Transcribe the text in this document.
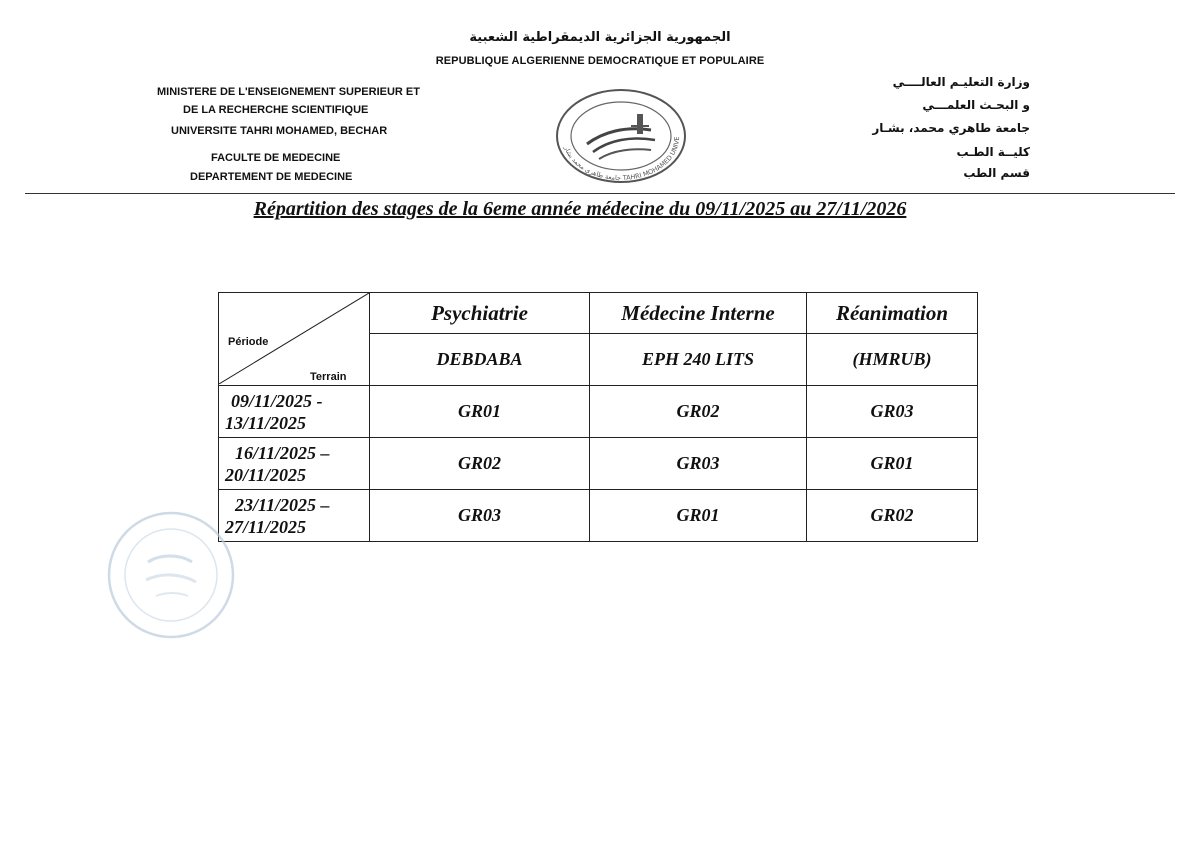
الجمهورية الجزائرية الديمقراطية الشعبية
REPUBLIQUE ALGERIENNE DEMOCRATIQUE ET POPULAIRE
MINISTERE DE L'ENSEIGNEMENT SUPERIEUR ET
DE LA RECHERCHE SCIENTIFIQUE
UNIVERSITE TAHRI MOHAMED, BECHAR
FACULTE DE MEDECINE
DEPARTEMENT DE MEDECINE	جامعة طاهري محمد بشار TAHRI MOHAMED UNIVE
وزارة التعليـم العالــــي
و البحـث العلمـــي
جامعة طاهري محمد، بشـار
كليــة الطـب
قسم الطب
Répartition des stages de la 6eme année médecine du 09/11/2025 au 27/11/2026
Période
Terrain	Psychiatrie	Médecine Interne	Réanimation
	DEBDABA	EPH 240 LITS	(HMRUB)

09/11/2025 -
13/11/2025	GR01	GR02	GR03

16/11/2025 –
20/11/2025	GR02	GR03	GR01

23/11/2025 –
27/11/2025	GR03	GR01	GR02
